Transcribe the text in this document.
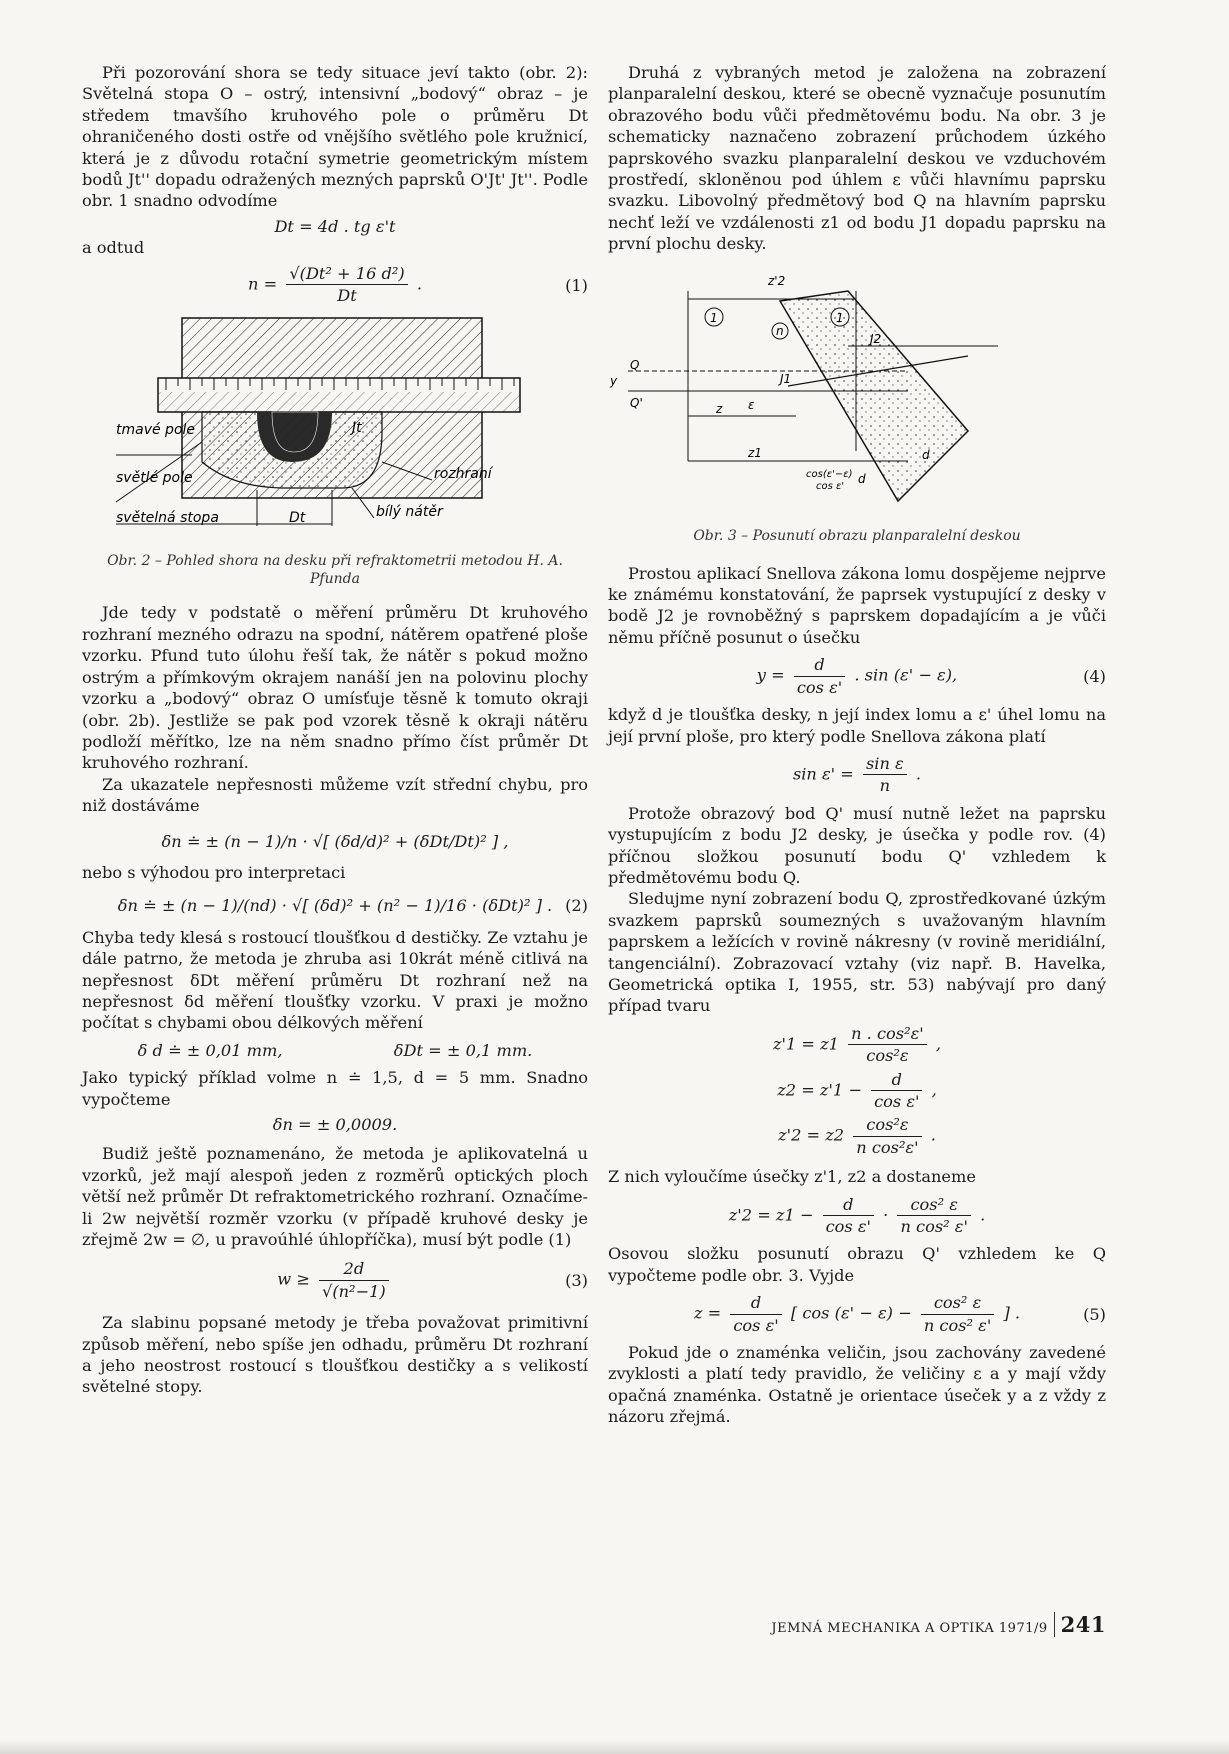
Při pozorování shora se tedy situace jeví takto (obr. 2): Světelná stopa O – ostrý, intensivní „bodový“ obraz – je středem tmavšího kruhového pole o průměru Dt ohraničeného dosti ostře od vnějšího světlého pole kružnicí, která je z důvodu rotační symetrie geometrickým místem bodů Jt'' dopadu odražených mezných paprsků O'Jt' Jt''. Podle obr. 1 snadno odvodíme

Dt = 4d . tg ε't

a odtud

$n = \frac{\text{√(Dt² + 16 d²)}}{Dt}$ .	(1)
tmavé pole
světlé pole
světelná stopa	Dt
Jt
rozhraní
bílý nátěr

Obr. 2 – Pohled shora na desku při refraktometrii metodou H. A. Pfunda

Jde tedy v podstatě o měření průměru Dt kruhového rozhraní mezného odrazu na spodní, nátěrem opatřené ploše vzorku. Pfund tuto úlohu řeší tak, že nátěr s pokud možno ostrým a přímkovým okrajem nanáší jen na polovinu plochy vzorku a „bodový“ obraz O umísťuje těsně k tomuto okraji (obr. 2b). Jestliže se pak pod vzorek těsně k okraji nátěru podloží měřítko, lze na něm snadno přímo číst průměr Dt kruhového rozhraní.

Za ukazatele nepřesnosti můžeme vzít střední chybu, pro niž dostáváme

δn ≐ ± (n − 1)/n · √[ (δd/d)² + (δDt/Dt)² ] ,

nebo s výhodou pro interpretaci

δn ≐ ± (n − 1)/(nd) · √[ (δd)² + (n² − 1)/16 · (δDt)² ] . (2)

Chyba tedy klesá s rostoucí tloušťkou d destičky. Ze vztahu je dále patrno, že metoda je zhruba asi 10krát méně citlivá na nepřesnost δDt měření průměru Dt rozhraní než na nepřesnost δd měření tloušťky vzorku. V praxi je možno počítat s chybami obou délkových měření

δ d ≐ ± 0,01 mm,	δDt = ± 0,1 mm.

Jako typický příklad volme n ≐ 1,5, d = 5 mm. Snadno vypočteme

δn = ± 0,0009.

Budiž ještě poznamenáno, že metoda je aplikovatelná u vzorků, jež mají alespoň jeden z rozměrů optických ploch větší než průměr Dt refraktometrického rozhraní. Označíme-li 2w největší rozměr vzorku (v případě kruhové desky je zřejmě 2w = ∅, u pravoúhlé úhlopříčka), musí být podle (1)

$w \ge \frac{2d}{\text{√(n²−1)}}$	(3)

Za slabinu popsané metody je třeba považovat primitivní způsob měření, nebo spíše jen odhadu, průměru Dt rozhraní a jeho neostrost rostoucí s tloušťkou destičky a s velikostí světelné stopy.

Druhá z vybraných metod je založena na zobrazení planparalelní deskou, které se obecně vyznačuje posunutím obrazového bodu vůči předmětovému bodu. Na obr. 3 je schematicky naznačeno zobrazení průchodem úzkého paprskového svazku planparalelní deskou ve vzduchovém prostředí, skloněnou pod úhlem ε vůči hlavnímu paprsku svazku. Libovolný předmětový bod Q na hlavním paprsku nechť leží ve vzdálenosti z1 od bodu J1 dopadu paprsku na první plochu desky.

z'2
1	1
n
J2
y
Q
Q'
J1
z ε
z1
cos(ε'−ε)
cos ε'
d
d

Obr. 3 – Posunutí obrazu planparalelní deskou

Prostou aplikací Snellova zákona lomu dospějeme nejprve ke známému konstatování, že paprsek vystupující z desky v bodě J2 je rovnoběžný s paprskem dopadajícím a je vůči němu příčně posunut o úsečku

$y = \frac{d}{\text{cos ε'}}$ . sin (ε' − ε),	(4)

když d je tloušťka desky, n její index lomu a ε' úhel lomu na její první ploše, pro který podle Snellova zákona platí

$\sin \varepsilon' = \frac{\text{sin ε}}{n}$ .

Protože obrazový bod Q' musí nutně ležet na paprsku vystupujícím z bodu J2 desky, je úsečka y podle rov. (4) příčnou složkou posunutí bodu Q' vzhledem k předmětovému bodu Q.

Sledujme nyní zobrazení bodu Q, zprostředkované úzkým svazkem paprsků soumezných s uvažovaným hlavním paprskem a ležících v rovině nákresny (v rovině meridiální, tangenciální). Zobrazovací vztahy (viz např. B. Havelka, Geometrická optika I, 1955, str. 53) nabývají pro daný případ tvaru

$z'1 = z1 \frac{\text{n . cos²ε'}}{\text{cos²ε}}$ ,
$z2 = z'1 - \frac{d}{\text{cos ε'}}$ ,
$z'2 = z2 \frac{\text{cos²ε}}{\text{n cos²ε'}}$ .

Z nich vyloučíme úsečky z'1, z2 a dostaneme

$z'2 = z1 - \frac{d}{\text{cos ε'}} \cdot \frac{\text{cos² ε}}{\text{n cos² ε'}}$ .

Osovou složku posunutí obrazu Q' vzhledem ke Q vypočteme podle obr. 3. Vyjde

$z = \frac{d}{\text{cos ε'}}$ [ $\cos (\varepsilon' - \varepsilon) - \frac{\text{cos² ε}}{\text{n cos² ε'}}$ ] .	(5)

Pokud jde o znaménka veličin, jsou zachovány zavedené zvyklosti a platí tedy pravidlo, že veličiny ε a y mají vždy opačná znaménka. Ostatně je orientace úseček y a z vždy z názoru zřejmá.

JEMNÁ MECHANIKA A OPTIKA 1971/9 241
